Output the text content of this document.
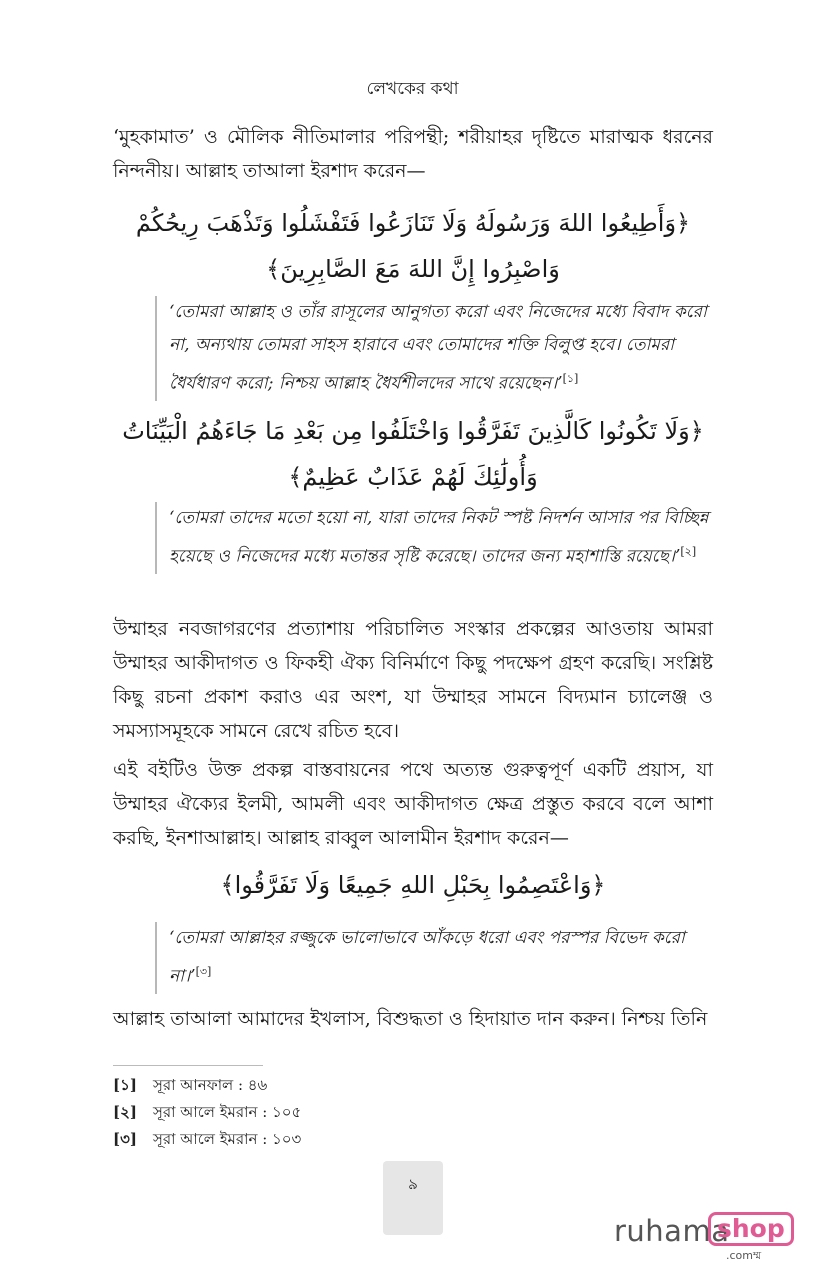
লেখকের কথা
‘মুহকামাত’ ও মৌলিক নীতিমালার পরিপন্থী; শরীয়াহর দৃষ্টিতে মারাত্মক ধরনের নিন্দনীয়। আল্লাহ তাআলা ইরশাদ করেন—
﴿وَأَطِيعُوا اللهَ وَرَسُولَهُ وَلَا تَنَازَعُوا فَتَفْشَلُوا وَتَذْهَبَ رِيحُكُمْ وَاصْبِرُوا إِنَّ اللهَ مَعَ الصَّابِرِينَ﴾
‘তোমরা আল্লাহ ও তাঁর রাসূলের আনুগত্য করো এবং নিজেদের মধ্যে বিবাদ করো না, অন্যথায় তোমরা সাহস হারাবে এবং তোমাদের শক্তি বিলুপ্ত হবে। তোমরা ধৈর্যধারণ করো; নিশ্চয় আল্লাহ ধৈর্যশীলদের সাথে রয়েছেন।’[১]
﴿وَلَا تَكُونُوا كَالَّذِينَ تَفَرَّقُوا وَاخْتَلَفُوا مِن بَعْدِ مَا جَاءَهُمُ الْبَيِّنَاتُ وَأُولَٰئِكَ لَهُمْ عَذَابٌ عَظِيمٌ﴾
‘তোমরা তাদের মতো হয়ো না, যারা তাদের নিকট স্পষ্ট নিদর্শন আসার পর বিচ্ছিন্ন হয়েছে ও নিজেদের মধ্যে মতান্তর সৃষ্টি করেছে। তাদের জন্য মহাশাস্তি রয়েছে।’[২]
উম্মাহর নবজাগরণের প্রত্যাশায় পরিচালিত সংস্কার প্রকল্পের আওতায় আমরা উম্মাহর আকীদাগত ও ফিকহী ঐক্য বিনির্মাণে কিছু পদক্ষেপ গ্রহণ করেছি। সংশ্লিষ্ট কিছু রচনা প্রকাশ করাও এর অংশ, যা উম্মাহর সামনে বিদ্যমান চ্যালেঞ্জ ও সমস্যাসমূহকে সামনে রেখে রচিত হবে।
এই বইটিও উক্ত প্রকল্প বাস্তবায়নের পথে অত্যন্ত গুরুত্বপূর্ণ একটি প্রয়াস, যা উম্মাহর ঐক্যের ইলমী, আমলী এবং আকীদাগত ক্ষেত্র প্রস্তুত করবে বলে আশা করছি, ইনশাআল্লাহ। আল্লাহ রাব্বুল আলামীন ইরশাদ করেন—
﴿وَاعْتَصِمُوا بِحَبْلِ اللهِ جَمِيعًا وَلَا تَفَرَّقُوا﴾
‘তোমরা আল্লাহর রজ্জুকে ভালোভাবে আঁকড়ে ধরো এবং পরস্পর বিভেদ করো না।’[৩]
আল্লাহ তাআলা আমাদের ইখলাস, বিশুদ্ধতা ও হিদায়াত দান করুন। নিশ্চয় তিনি
[১]	সূরা আনফাল : ৪৬
[২]	সূরা আলে ইমরান : ১০৫
[৩]	সূরা আলে ইমরান : ১০৩
৯
ruhama
shop
.comম্ম
